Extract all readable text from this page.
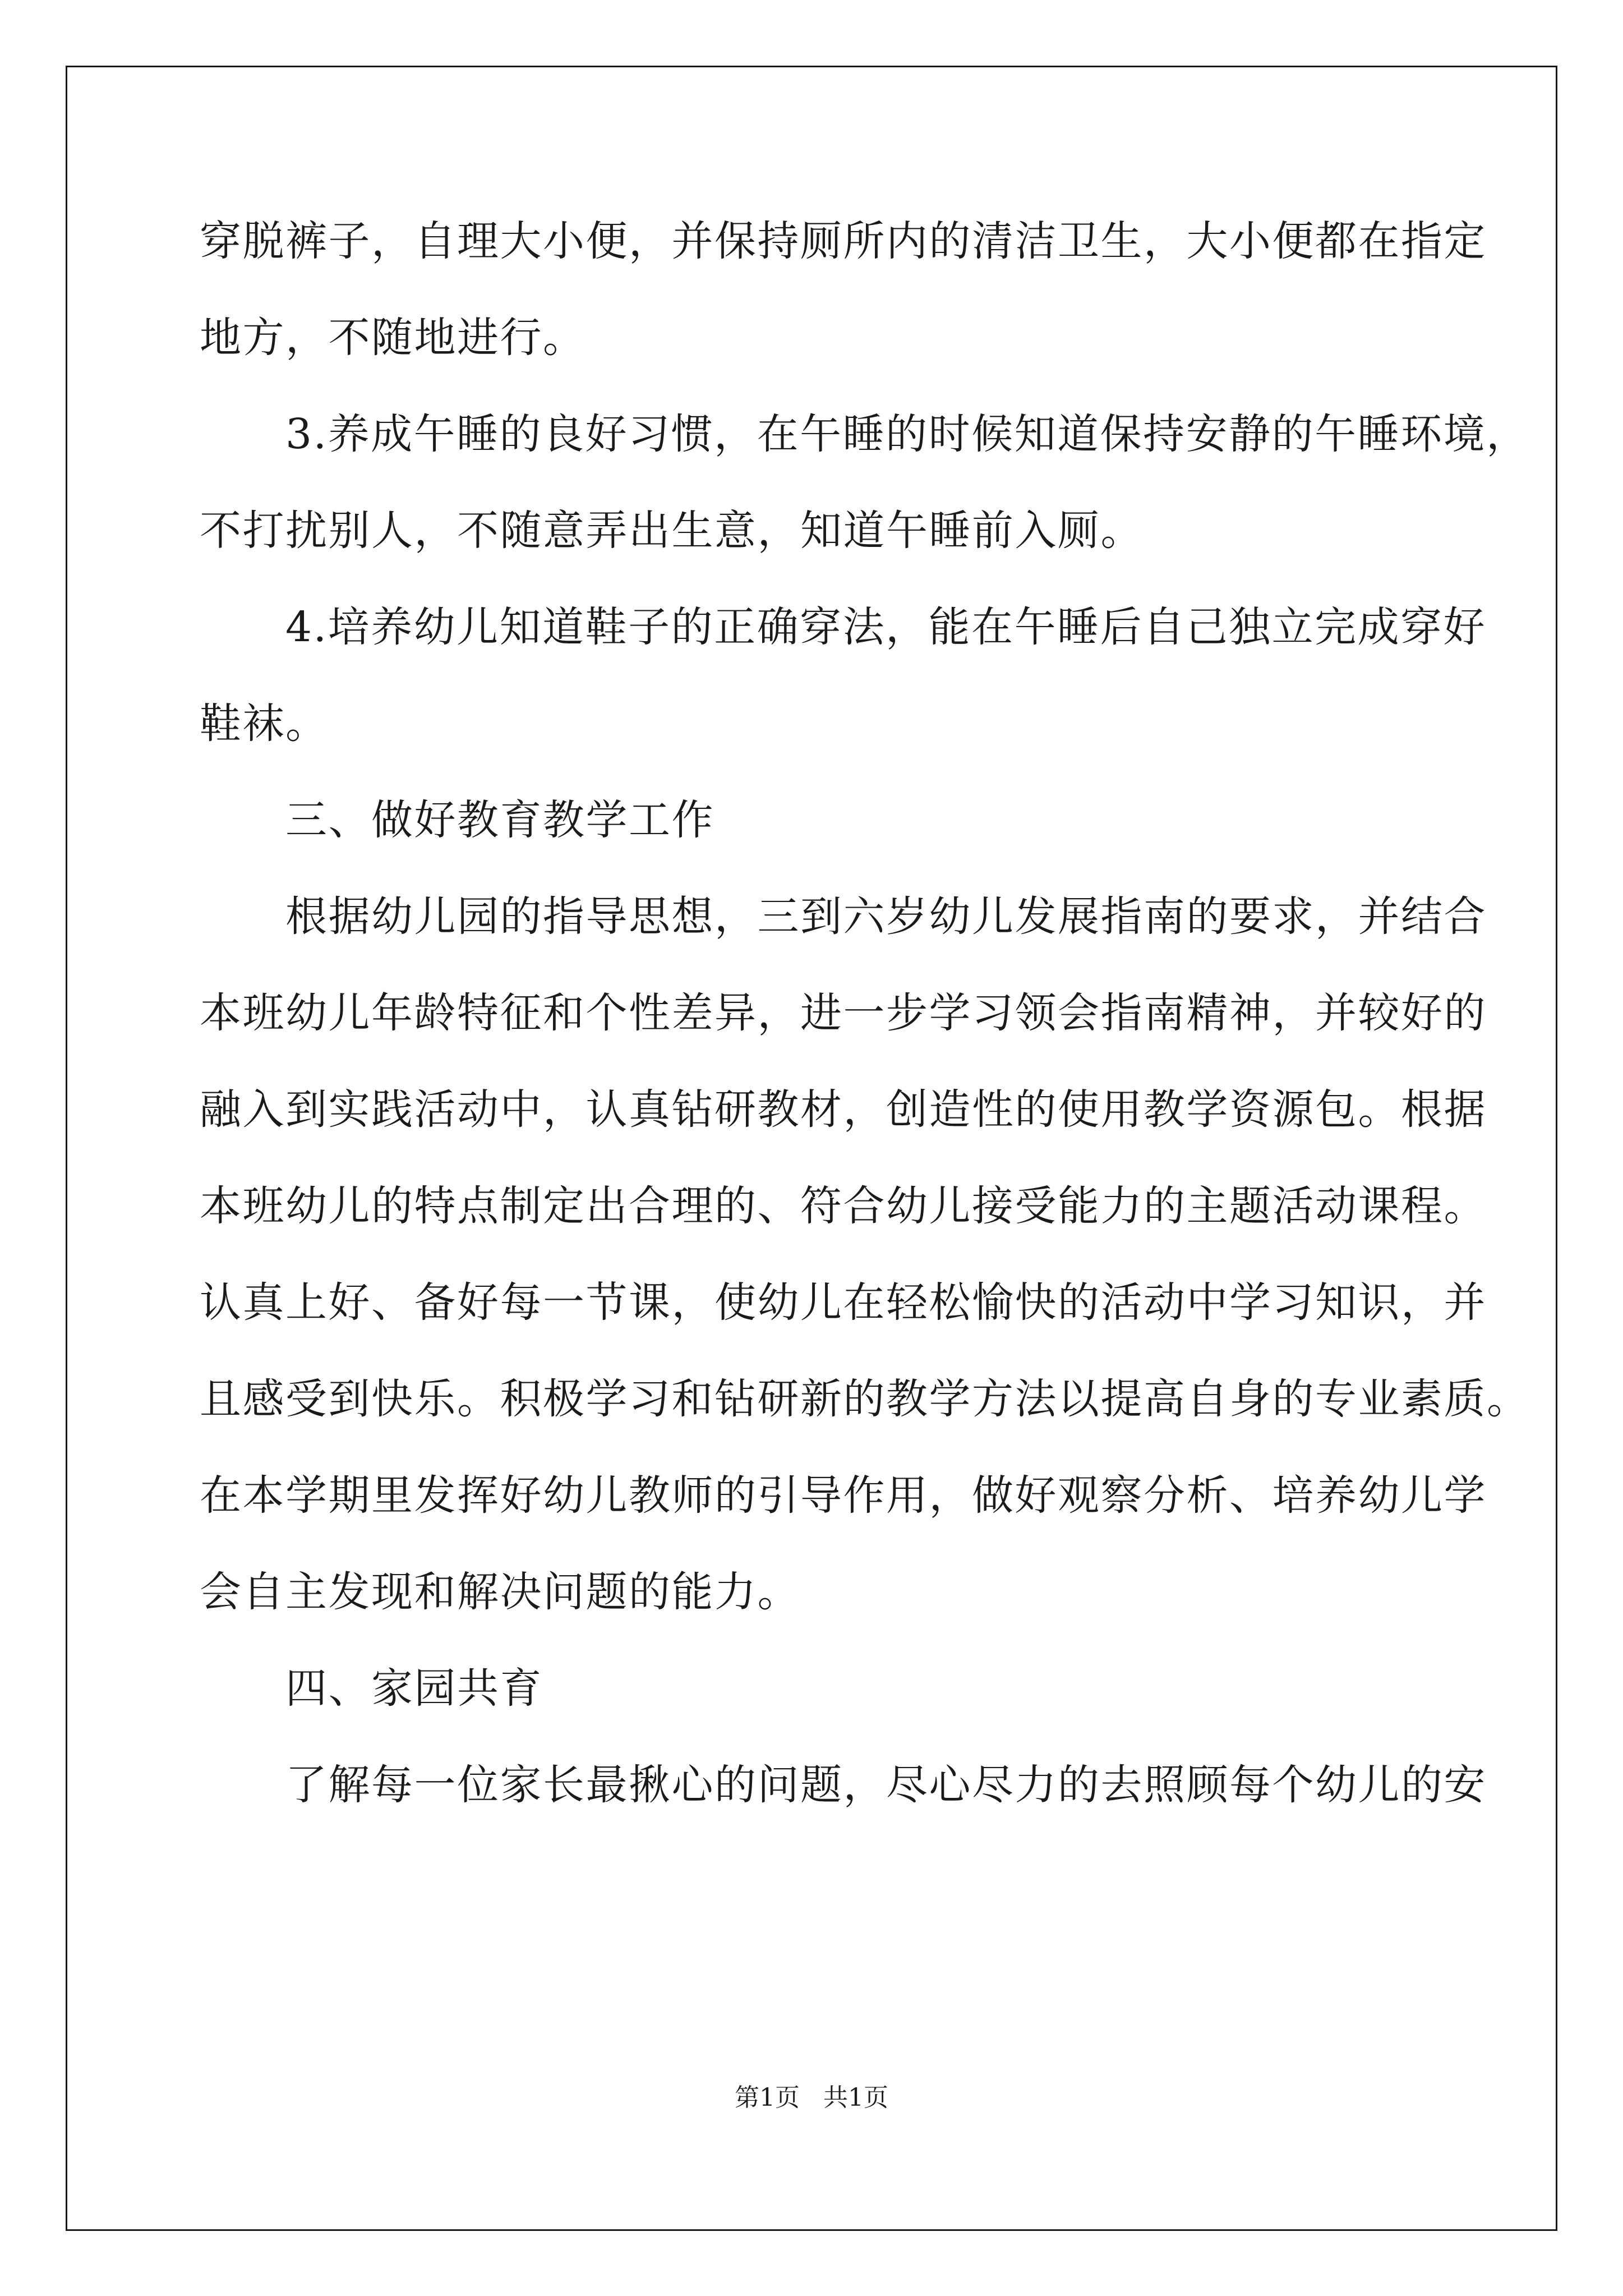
穿脱裤子，自理大小便，并保持厕所内的清洁卫生，大小便都在指定
地方，不随地进行。
　　3.养成午睡的良好习惯，在午睡的时候知道保持安静的午睡环境，
不打扰别人，不随意弄出生意，知道午睡前入厕。
　　4.培养幼儿知道鞋子的正确穿法，能在午睡后自己独立完成穿好
鞋袜。
　　三、做好教育教学工作
　　根据幼儿园的指导思想，三到六岁幼儿发展指南的要求，并结合
本班幼儿年龄特征和个性差异，进一步学习领会指南精神，并较好的
融入到实践活动中，认真钻研教材，创造性的使用教学资源包。根据
本班幼儿的特点制定出合理的、符合幼儿接受能力的主题活动课程。
认真上好、备好每一节课，使幼儿在轻松愉快的活动中学习知识，并
且感受到快乐。积极学习和钻研新的教学方法以提高自身的专业素质。
在本学期里发挥好幼儿教师的引导作用，做好观察分析、培养幼儿学
会自主发现和解决问题的能力。
　　四、家园共育
　　了解每一位家长最揪心的问题，尽心尽力的去照顾每个幼儿的安
第1页 共1页
